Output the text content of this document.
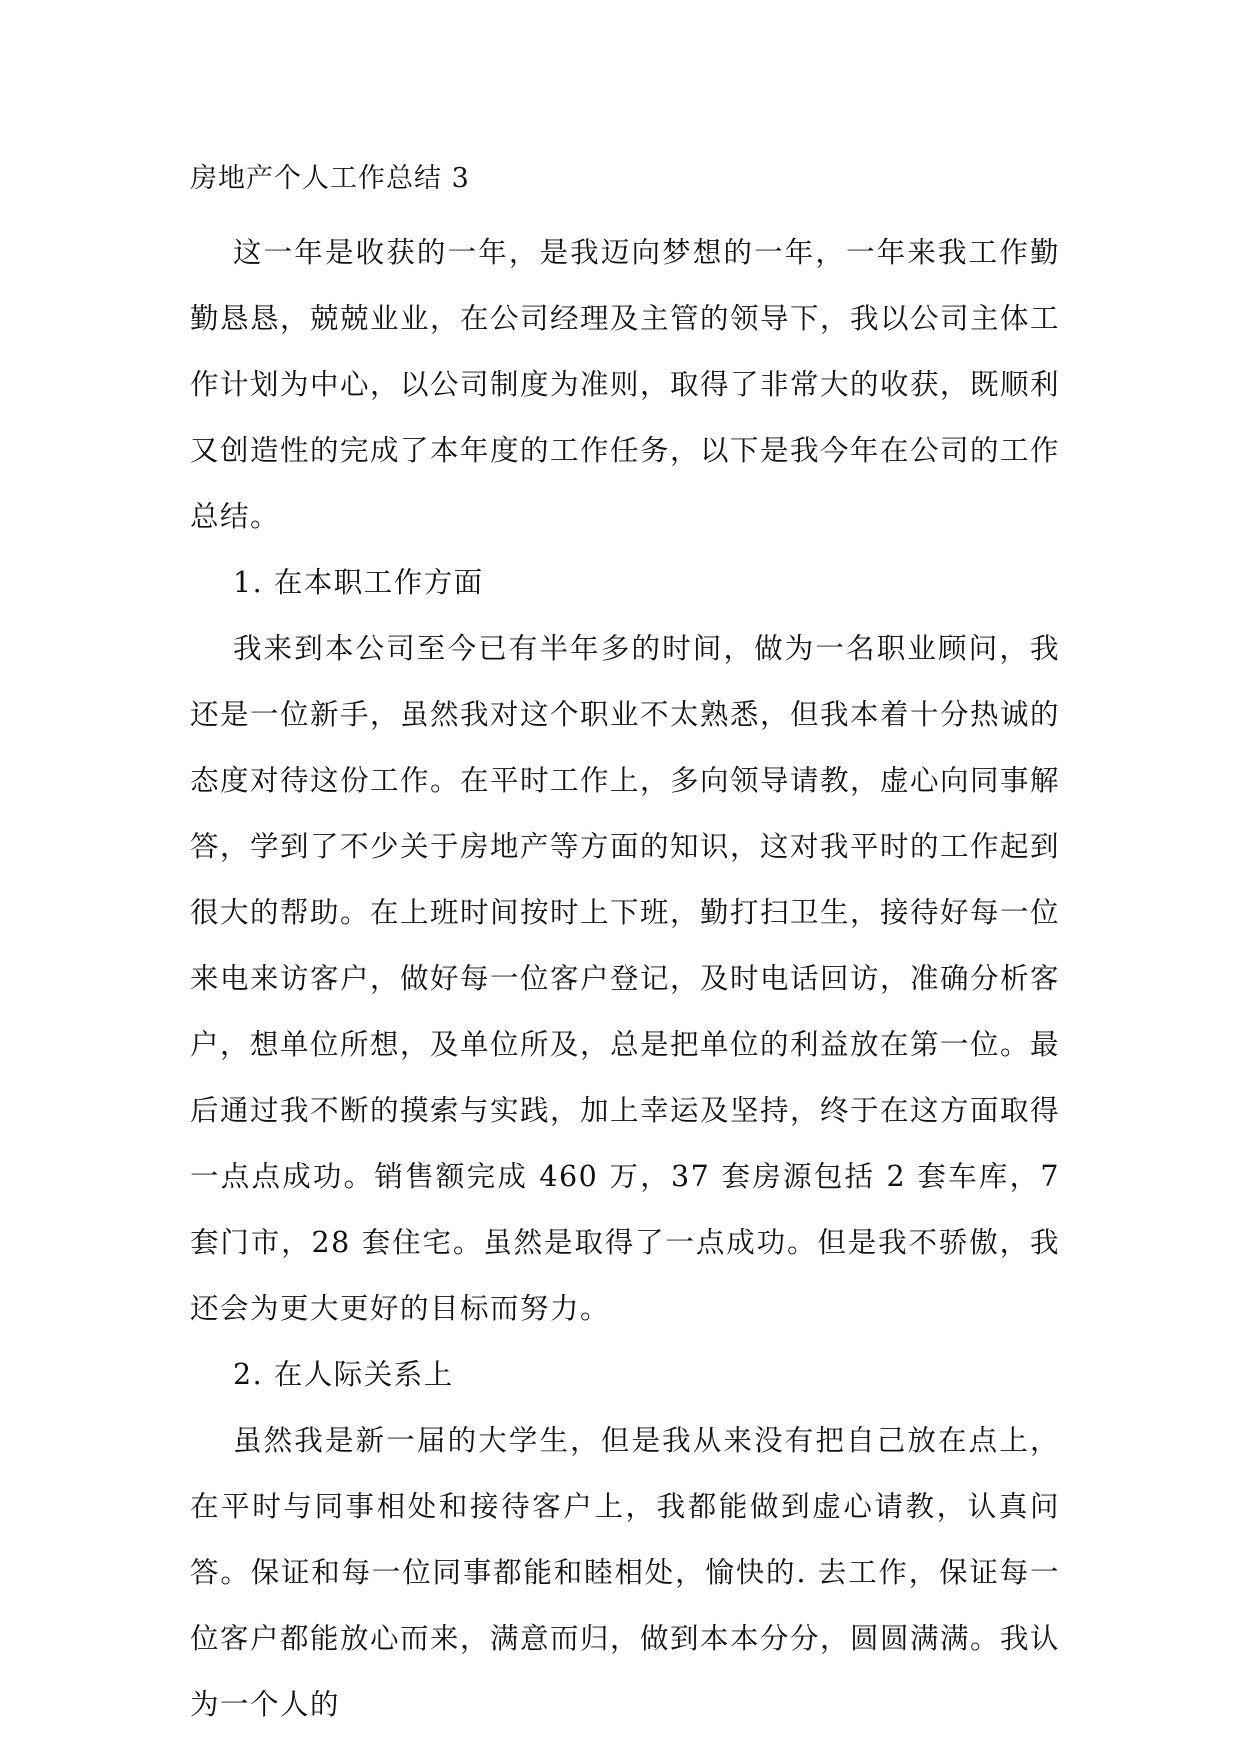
房地产个人工作总结 3

这一年是收获的一年，是我迈向梦想的一年，一年来我工作勤勤恳恳，兢兢业业，在公司经理及主管的领导下，我以公司主体工作计划为中心，以公司制度为准则，取得了非常大的收获，既顺利又创造性的完成了本年度的工作任务，以下是我今年在公司的工作总结。

1. 在本职工作方面

我来到本公司至今已有半年多的时间，做为一名职业顾问，我还是一位新手，虽然我对这个职业不太熟悉，但我本着十分热诚的态度对待这份工作。在平时工作上，多向领导请教，虚心向同事解答，学到了不少关于房地产等方面的知识，这对我平时的工作起到很大的帮助。在上班时间按时上下班，勤打扫卫生，接待好每一位来电来访客户，做好每一位客户登记，及时电话回访，准确分析客户，想单位所想，及单位所及，总是把单位的利益放在第一位。最后通过我不断的摸索与实践，加上幸运及坚持，终于在这方面取得一点点成功。销售额完成 460 万，37 套房源包括 2 套车库，7 套门市，28 套住宅。虽然是取得了一点成功。但是我不骄傲，我还会为更大更好的目标而努力。

2. 在人际关系上

虽然我是新一届的大学生，但是我从来没有把自己放在点上，在平时与同事相处和接待客户上，我都能做到虚心请教，认真问答。保证和每一位同事都能和睦相处，愉快的. 去工作，保证每一位客户都能放心而来，满意而归，做到本本分分，圆圆满满。我认为一个人的
